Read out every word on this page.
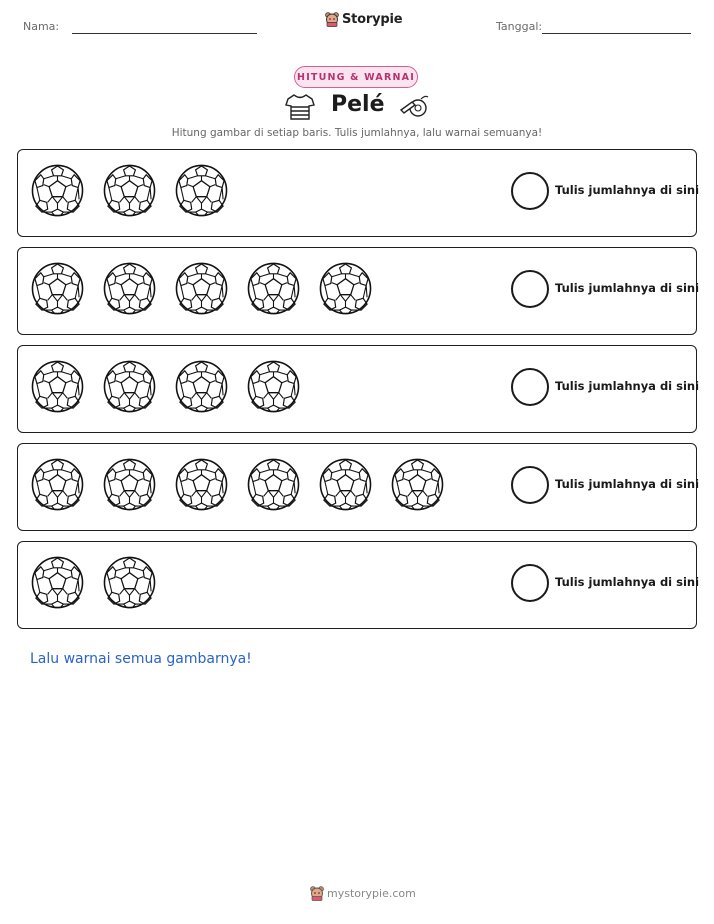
Nama:	Storypie	Tanggal:
HITUNG & WARNAI
Pelé
Hitung gambar di setiap baris. Tulis jumlahnya, lalu warnai semuanya!
Tulis jumlahnya di sini
Tulis jumlahnya di sini
Tulis jumlahnya di sini
Tulis jumlahnya di sini
Tulis jumlahnya di sini
Lalu warnai semua gambarnya!
mystorypie.com
